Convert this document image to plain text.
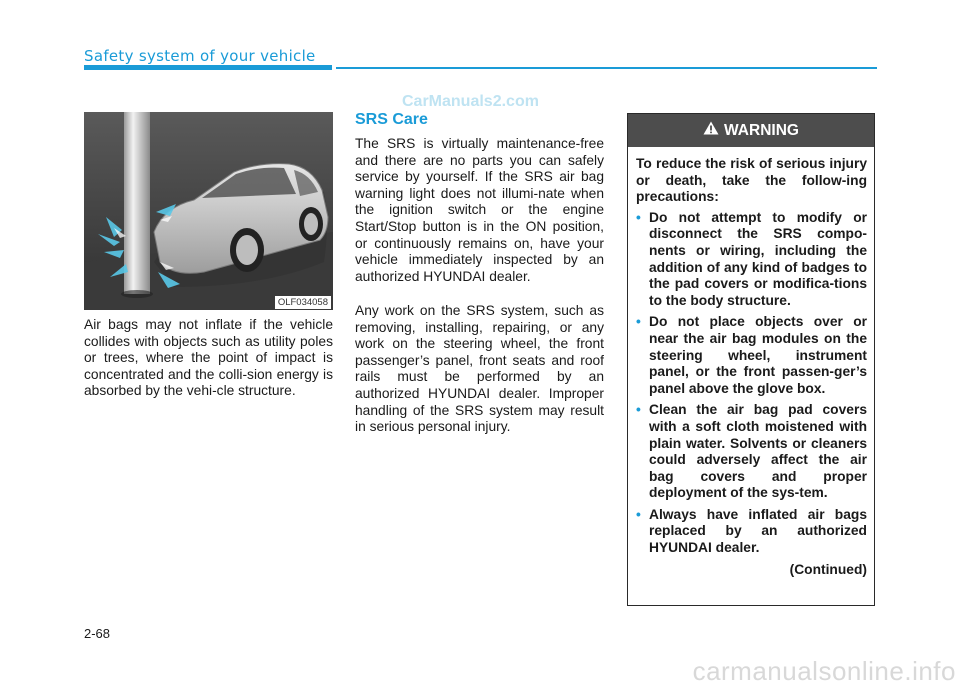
Safety system of your vehicle
CarManuals2.com
OLF034058

Air bags may not inflate if the vehicle collides with objects such as utility poles or trees, where the point of impact is concentrated and the colli-sion energy is absorbed by the vehi-cle structure.

SRS Care

The SRS is virtually maintenance-free and there are no parts you can safely service by yourself. If the SRS air bag warning light does not illumi-nate when the ignition switch or the engine Start/Stop button is in the ON position, or continuously remains on, have your vehicle immediately inspected by an authorized HYUNDAI dealer.

Any work on the SRS system, such as removing, installing, repairing, or any work on the steering wheel, the front passenger’s panel, front seats and roof rails must be performed by an authorized HYUNDAI dealer. Improper handling of the SRS system may result in serious personal injury.

WARNING

To reduce the risk of serious injury or death, take the follow-ing precautions:

• Do not attempt to modify or disconnect the SRS compo-nents or wiring, including the addition of any kind of badges to the pad covers or modifica-tions to the body structure.
• Do not place objects over or near the air bag modules on the steering wheel, instrument panel, or the front passen-ger’s panel above the glove box.
• Clean the air bag pad covers with a soft cloth moistened with plain water. Solvents or cleaners could adversely affect the air bag covers and proper deployment of the sys-tem.
• Always have inflated air bags replaced by an authorized HYUNDAI dealer.
(Continued)
2-68
carmanualsonline.info
